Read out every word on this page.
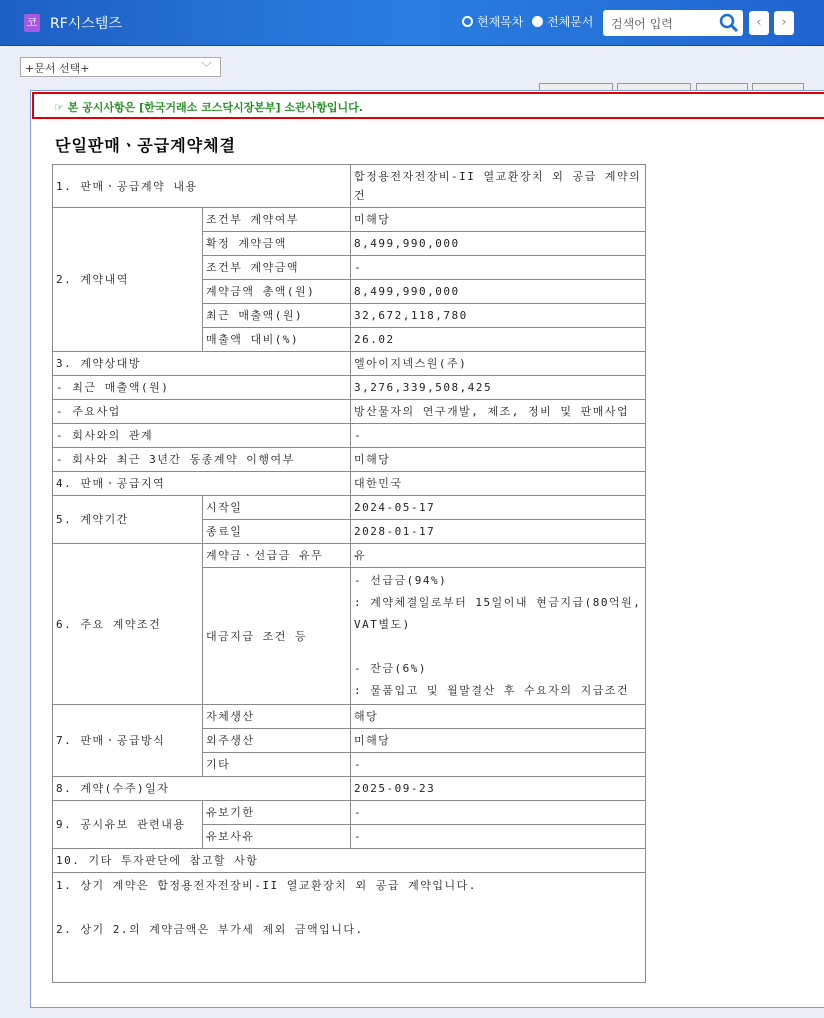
코 RF시스템즈	현재목차 전체문서 검색어 입력	‹	›
+문서 선택+	﹀
☞ 본 공시사항은 [한국거래소 코스닥시장본부] 소관사항입니다.
단일판매ㆍ공급계약체결
1. 판매ㆍ공급계약 내용		합정용전자전장비-II 열교환장치 외 공급 계약의 건
2. 계약내역	조건부 계약여부	미해당
	확정 계약금액	8,499,990,000
	조건부 계약금액	-
	계약금액 총액(원)	8,499,990,000
	최근 매출액(원)	32,672,118,780
	매출액 대비(%)	26.02
3. 계약상대방		엘아이지넥스원(주)
- 최근 매출액(원)		3,276,339,508,425
- 주요사업		방산물자의 연구개발, 제조, 정비 및 판매사업
- 회사와의 관계		-
- 회사와 최근 3년간 동종계약 이행여부		미해당
4. 판매ㆍ공급지역		대한민국
5. 계약기간	시작일	2024-05-17
	종료일	2028-01-17
6. 주요 계약조건	계약금ㆍ선급금 유무	유
	대금지급 조건 등	- 선급금(94%)
: 계약체결일로부터 15일이내 현금지급(80억원, VAT별도)

- 잔금(6%)
: 물품입고 및 월말결산 후 수요자의 지급조건
7. 판매ㆍ공급방식	자체생산	해당
	외주생산	미해당
	기타	-
8. 계약(수주)일자		2025-09-23
9. 공시유보 관련내용	유보기한	-
	유보사유	-
10. 기타 투자판단에 참고할 사항		
1. 상기 계약은 합정용전자전장비-II 열교환장치 외 공급 계약입니다.

2. 상기 2.의 계약금액은 부가세 제외 금액입니다.		
